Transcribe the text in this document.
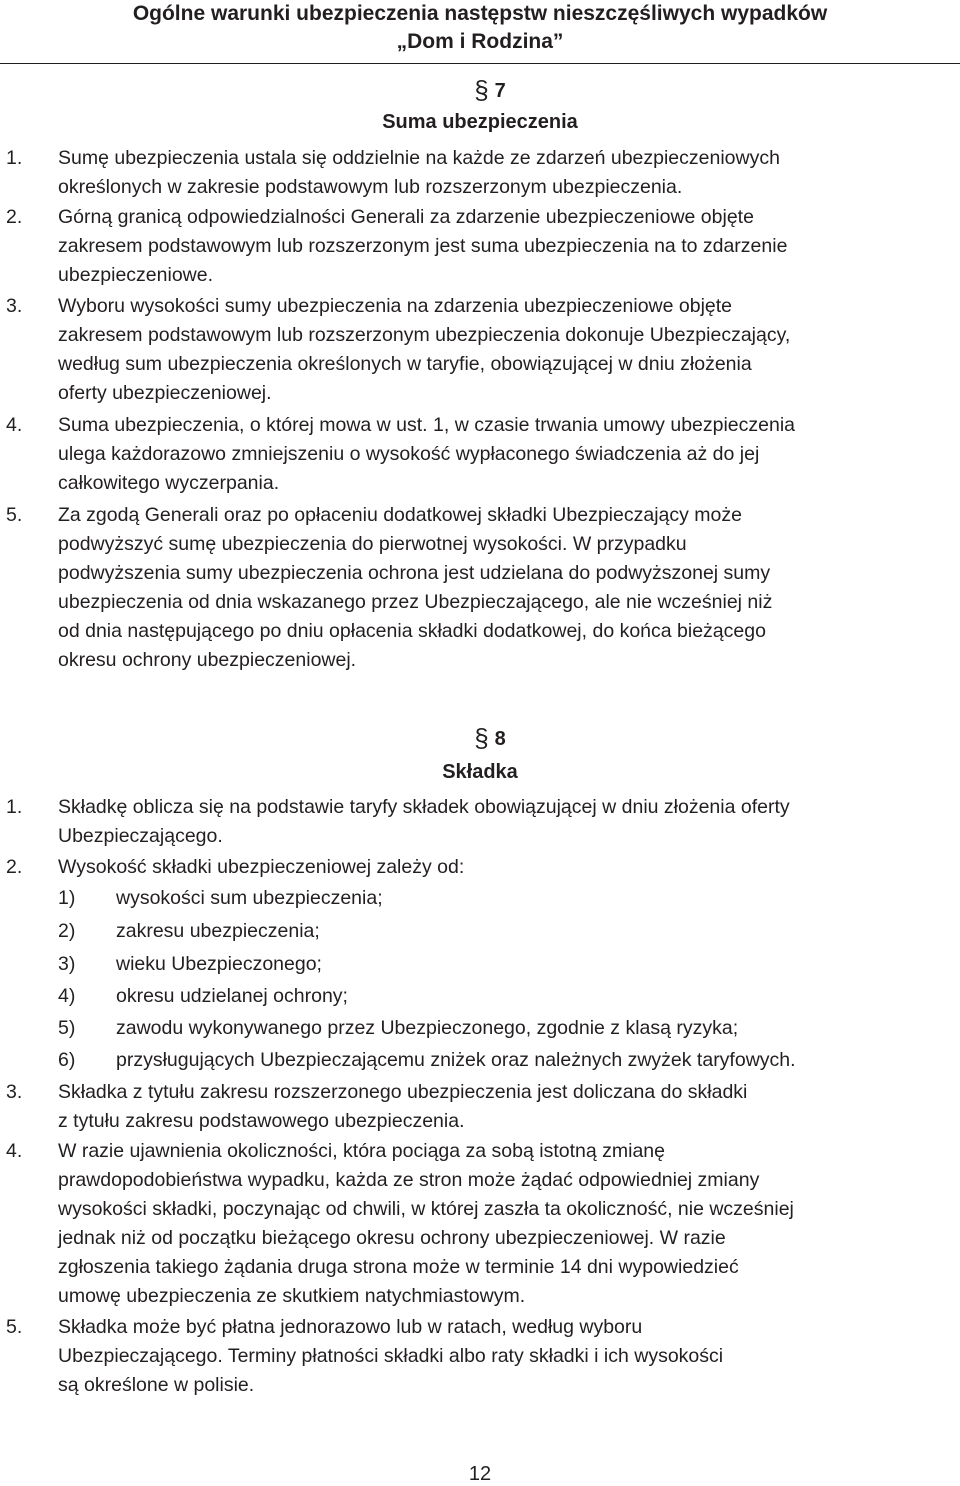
Ogólne warunki ubezpieczenia następstw nieszczęśliwych wypadków
„Dom i Rodzina”
§ 7
Suma ubezpieczenia
1. Sumę ubezpieczenia ustala się oddzielnie na każde ze zdarzeń ubezpieczeniowych
określonych w zakresie podstawowym lub rozszerzonym ubezpieczenia.
2. Górną granicą odpowiedzialności Generali za zdarzenie ubezpieczeniowe objęte
zakresem podstawowym lub rozszerzonym jest suma ubezpieczenia na to zdarzenie
ubezpieczeniowe.
3. Wyboru wysokości sumy ubezpieczenia na zdarzenia ubezpieczeniowe objęte
zakresem podstawowym lub rozszerzonym ubezpieczenia dokonuje Ubezpieczający,
według sum ubezpieczenia określonych w taryfie, obowiązującej w dniu złożenia
oferty ubezpieczeniowej.
4. Suma ubezpieczenia, o której mowa w ust. 1, w czasie trwania umowy ubezpieczenia
ulega każdorazowo zmniejszeniu o wysokość wypłaconego świadczenia aż do jej
całkowitego wyczerpania.
5. Za zgodą Generali oraz po opłaceniu dodatkowej składki Ubezpieczający może
podwyższyć sumę ubezpieczenia do pierwotnej wysokości. W przypadku
podwyższenia sumy ubezpieczenia ochrona jest udzielana do podwyższonej sumy
ubezpieczenia od dnia wskazanego przez Ubezpieczającego, ale nie wcześniej niż
od dnia następującego po dniu opłacenia składki dodatkowej, do końca bieżącego
okresu ochrony ubezpieczeniowej.
§ 8
Składka
1. Składkę oblicza się na podstawie taryfy składek obowiązującej w dniu złożenia oferty
Ubezpieczającego.
2. Wysokość składki ubezpieczeniowej zależy od:
1) wysokości sum ubezpieczenia;
2) zakresu ubezpieczenia;
3) wieku Ubezpieczonego;
4) okresu udzielanej ochrony;
5) zawodu wykonywanego przez Ubezpieczonego, zgodnie z klasą ryzyka;
6) przysługujących Ubezpieczającemu zniżek oraz należnych zwyżek taryfowych.
3. Składka z tytułu zakresu rozszerzonego ubezpieczenia jest doliczana do składki
z tytułu zakresu podstawowego ubezpieczenia.
4. W razie ujawnienia okoliczności, która pociąga za sobą istotną zmianę
prawdopodobieństwa wypadku, każda ze stron może żądać odpowiedniej zmiany
wysokości składki, poczynając od chwili, w której zaszła ta okoliczność, nie wcześniej
jednak niż od początku bieżącego okresu ochrony ubezpieczeniowej. W razie
zgłoszenia takiego żądania druga strona może w terminie 14 dni wypowiedzieć
umowę ubezpieczenia ze skutkiem natychmiastowym.
5. Składka może być płatna jednorazowo lub w ratach, według wyboru
Ubezpieczającego. Terminy płatności składki albo raty składki i ich wysokości
są określone w polisie.
12
